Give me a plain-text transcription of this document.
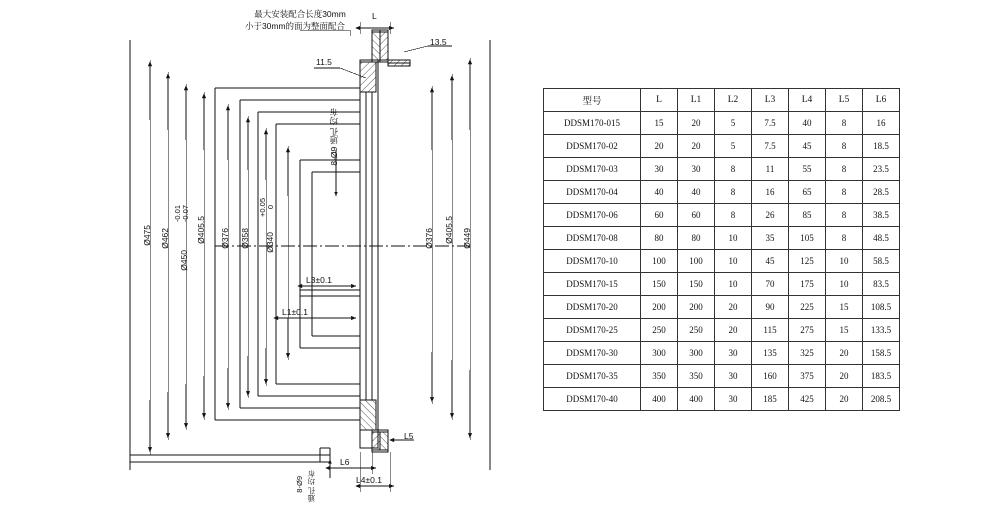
最大安装配合长度30mm
小于30mm的面为整面配合
L
13.5
11.5
8-Ø9 通孔 均布
8-Ø9 通孔 均布
Ø475 Ø462
Ø450
-0.01 -0.07
Ø405.5 Ø376 Ø358 Ø340
+0.05 0
Ø376 Ø405.5 Ø449
L3±0.1
L1±0.1
L5
L6
L4±0.1
型号	L	L1	L2	L3	L4	L5	L6
DDSM170-015	15	20	5	7.5	40	8	16
DDSM170-02	20	20	5	7.5	45	8	18.5
DDSM170-03	30	30	8	11	55	8	23.5
DDSM170-04	40	40	8	16	65	8	28.5
DDSM170-06	60	60	8	26	85	8	38.5
DDSM170-08	80	80	10	35	105	8	48.5
DDSM170-10	100	100	10	45	125	10	58.5
DDSM170-15	150	150	10	70	175	10	83.5
DDSM170-20	200	200	20	90	225	15	108.5
DDSM170-25	250	250	20	115	275	15	133.5
DDSM170-30	300	300	30	135	325	20	158.5
DDSM170-35	350	350	30	160	375	20	183.5
DDSM170-40	400	400	30	185	425	20	208.5
